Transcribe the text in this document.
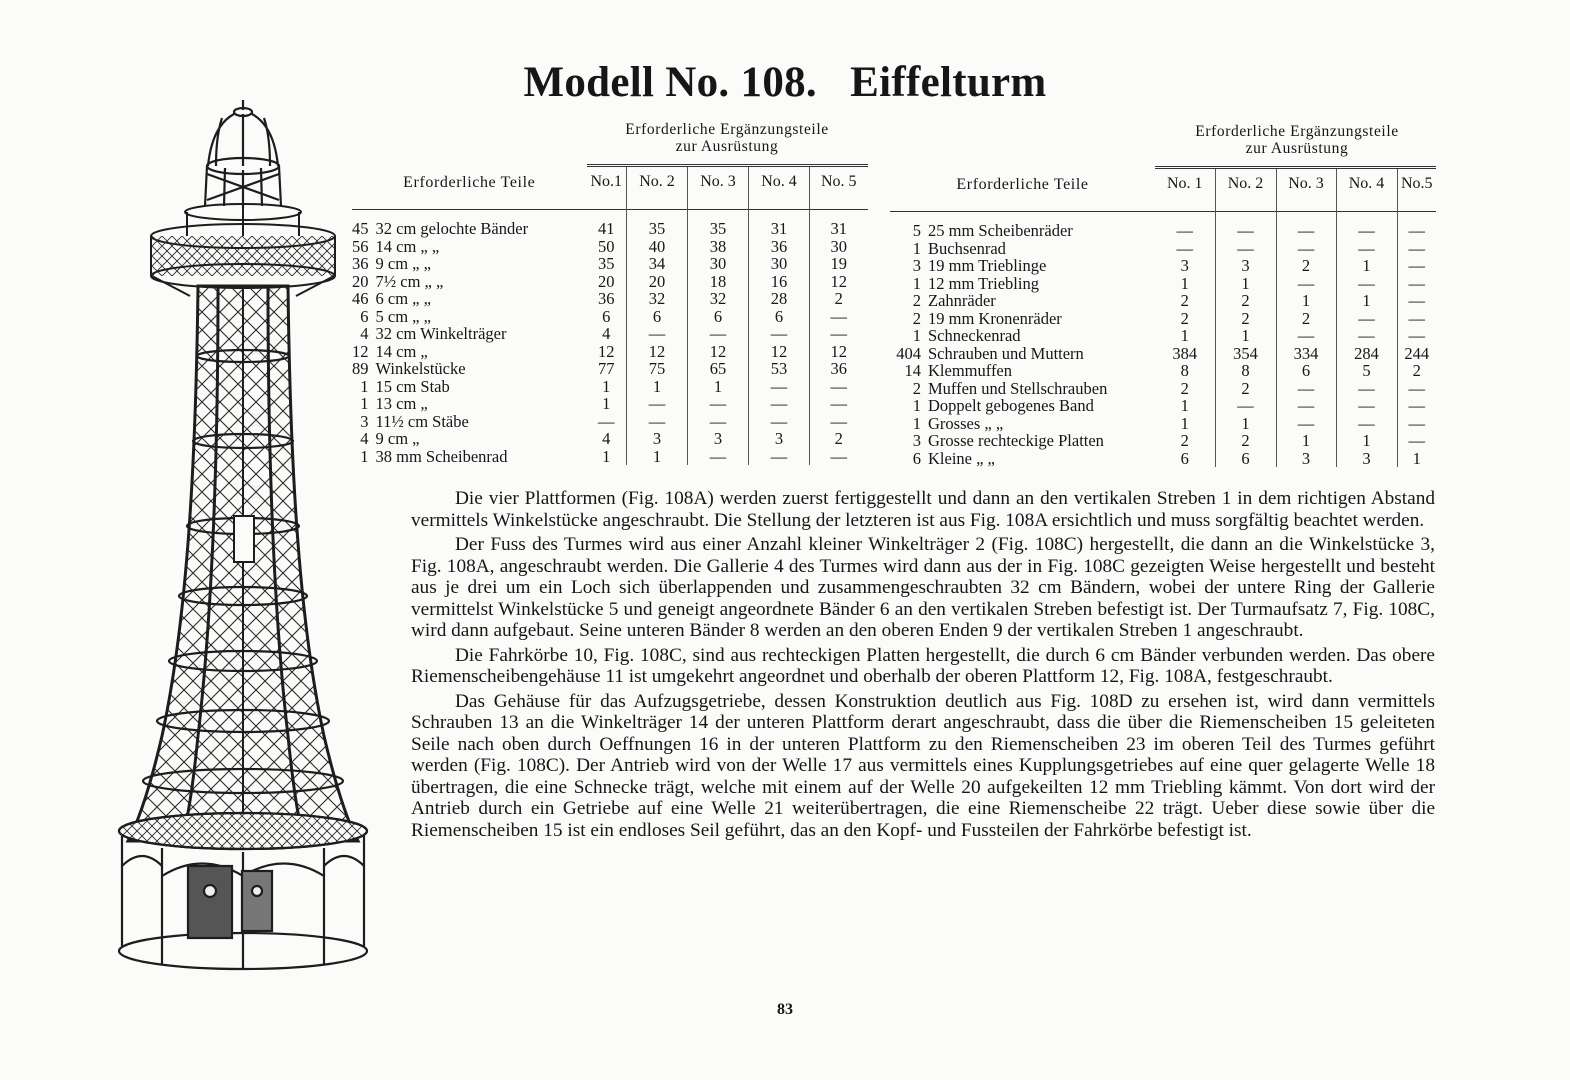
Modell No. 108.   Eiffelturm
Erforderliche Ergänzungsteile
zur Ausrüstung
Erforderliche Ergänzungsteile
zur Ausrüstung
Erforderliche Teile		No.1	No. 2	No. 3	No. 4	No. 5
45	32 cm gelochte Bänder	41	35	35	31	31
56	14 cm „ „	50	40	38	36	30
36	9 cm „ „	35	34	30	30	19
20	7½ cm „ „	20	20	18	16	12
46	6 cm „ „	36	32	32	28	2
6	5 cm „ „	6	6	6	6	—
4	32 cm Winkelträger	4	—	—	—	—
12	14 cm „	12	12	12	12	12
89	Winkelstücke	77	75	65	53	36
1	15 cm Stab	1	1	1	—	—
1	13 cm „	1	—	—	—	—
3	11½ cm Stäbe	—	—	—	—	—
4	9 cm „	4	3	3	3	2
1	38 mm Scheibenrad	1	1	—	—	—
Erforderliche Teile		No. 1	No. 2	No. 3	No. 4	No.5
5	25 mm Scheibenräder	—	—	—	—	—
1	Buchsenrad	—	—	—	—	—
3	19 mm Trieblinge	3	3	2	1	—
1	12 mm Triebling	1	1	—	—	—
2	Zahnräder	2	2	1	1	—
2	19 mm Kronenräder	2	2	2	—	—
1	Schneckenrad	1	1	—	—	—
404	Schrauben und Muttern	384	354	334	284	244
14	Klemmuffen	8	8	6	5	2
2	Muffen und Stellschrauben	2	2	—	—	—
1	Doppelt gebogenes Band	1	—	—	—	—
1	Grosses „ „	1	1	—	—	—
3	Grosse rechteckige Platten	2	2	1	1	—
6	Kleine „ „	6	6	3	3	1

Die vier Plattformen (Fig. 108A) werden zuerst fertiggestellt und dann an den vertikalen Streben 1 in dem richtigen Abstand vermittels Winkelstücke angeschraubt. Die Stellung der letzteren ist aus Fig. 108A ersichtlich und muss sorgfältig beachtet werden.

Der Fuss des Turmes wird aus einer Anzahl kleiner Winkelträger 2 (Fig. 108C) hergestellt, die dann an die Winkelstücke 3, Fig. 108A, angeschraubt werden. Die Gallerie 4 des Turmes wird dann aus der in Fig. 108C gezeigten Weise hergestellt und besteht aus je drei um ein Loch sich überlappenden und zusammengeschraubten 32 cm Bändern, wobei der untere Ring der Gallerie vermittelst Winkelstücke 5 und geneigt angeordnete Bänder 6 an den vertikalen Streben befestigt ist. Der Turmaufsatz 7, Fig. 108C, wird dann aufgebaut. Seine unteren Bänder 8 werden an den oberen Enden 9 der vertikalen Streben 1 angeschraubt.

Die Fahrkörbe 10, Fig. 108C, sind aus rechteckigen Platten hergestellt, die durch 6 cm Bänder verbunden werden. Das obere Riemenscheibengehäuse 11 ist umgekehrt angeordnet und oberhalb der oberen Plattform 12, Fig. 108A, festgeschraubt.

Das Gehäuse für das Aufzugsgetriebe, dessen Konstruktion deutlich aus Fig. 108D zu ersehen ist, wird dann vermittels Schrauben 13 an die Winkelträger 14 der unteren Plattform derart angeschraubt, dass die über die Riemenscheiben 15 geleiteten Seile nach oben durch Oeffnungen 16 in der unteren Plattform zu den Riemenscheiben 23 im oberen Teil des Turmes geführt werden (Fig. 108C). Der Antrieb wird von der Welle 17 aus vermittels eines Kupplungsgetriebes auf eine quer gelagerte Welle 18 übertragen, die eine Schnecke trägt, welche mit einem auf der Welle 20 aufgekeilten 12 mm Triebling kämmt. Von dort wird der Antrieb durch ein Getriebe auf eine Welle 21 weiterübertragen, die eine Riemenscheibe 22 trägt. Ueber diese sowie über die Riemenscheiben 15 ist ein endloses Seil geführt, das an den Kopf- und Fussteilen der Fahrkörbe befestigt ist.

83
